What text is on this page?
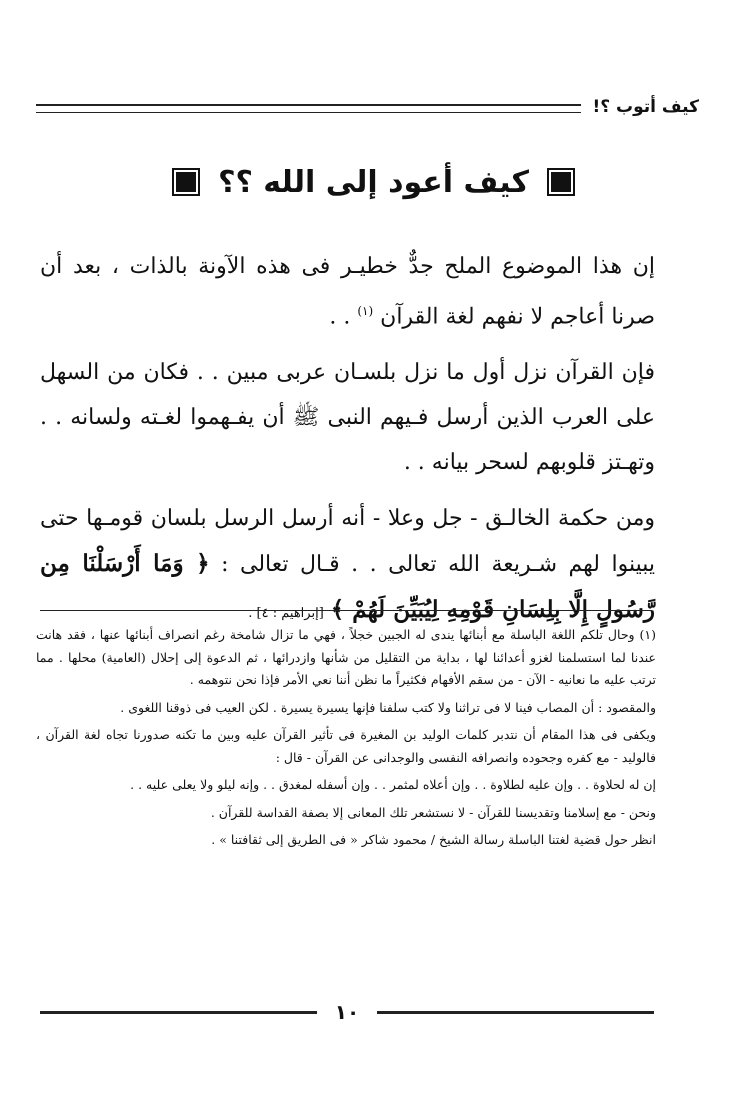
كيف أتوب ؟!
كيف أعود إلى الله ؟؟

إن هذا الموضوع الملح جدٌّ خطيـر فى هذه الآونة بالذات ، بعد أن صرنا أعاجم لا نفهم لغة القرآن $^{(١)}$ . .

فإن القرآن نزل أول ما نزل بلسـان عربى مبين . . فكان من السهل على العرب الذين أرسل فـيهم النبى ﷺ أن يفـهموا لغـته ولسانه . . وتهـتز قلوبهم لسحر بيانه . .

ومن حكمة الخالـق - جل وعلا - أنه أرسل الرسل بلسان قومـها حتى يبينوا لهم شـريعة الله تعالى . . قـال تعالى : ﴿ وَمَا أَرْسَلْنَا مِن رَّسُولٍ إِلَّا بِلِسَانِ قَوْمِهِ لِيُبَيِّنَ لَهُمْ ﴾ [إبراهيم : ٤] .

(١) وحال تلكم اللغة الباسلة مع أبنائها يندى له الجبين خجلاً ، فهي ما تزال شامخة رغم انصراف أبنائها عنها ، فقد هانت عندنا لما استسلمنا لغزو أعدائنا لها ، بداية من التقليل من شأنها وازدرائها ، ثم الدعوة إلى إحلال (العامية) محلها . مما ترتب عليه ما نعانيه - الآن - من سقم الأفهام فكثيراً ما نظن أننا نعي الأمر فإذا نحن نتوهمه .

والمقصود : أن المصاب فينا لا فى تراثنا ولا كتب سلفنا فإنها يسيرة يسيرة . لكن العيب فى ذوقنا اللغوى .

ويكفى فى هذا المقام أن نتدبر كلمات الوليد بن المغيرة فى تأثير القرآن عليه وبين ما تكنه صدورنا تجاه لغة القرآن ، فالوليد - مع كفره وجحوده وانصرافه النفسى والوجدانى عن القرآن - قال :

إن له لحلاوة . . وإن عليه لطلاوة . . وإن أعلاه لمثمر . . وإن أسفله لمغدق . . وإنه ليلو ولا يعلى عليه . .

ونحن - مع إسلامنا وتقديسنا للقرآن - لا نستشعر تلك المعانى إلا بصفة القداسة للقرآن .

انظر حول قضية لغتنا الباسلة رسالة الشيخ / محمود شاكر « فى الطريق إلى ثقافتنا » .

١٠
